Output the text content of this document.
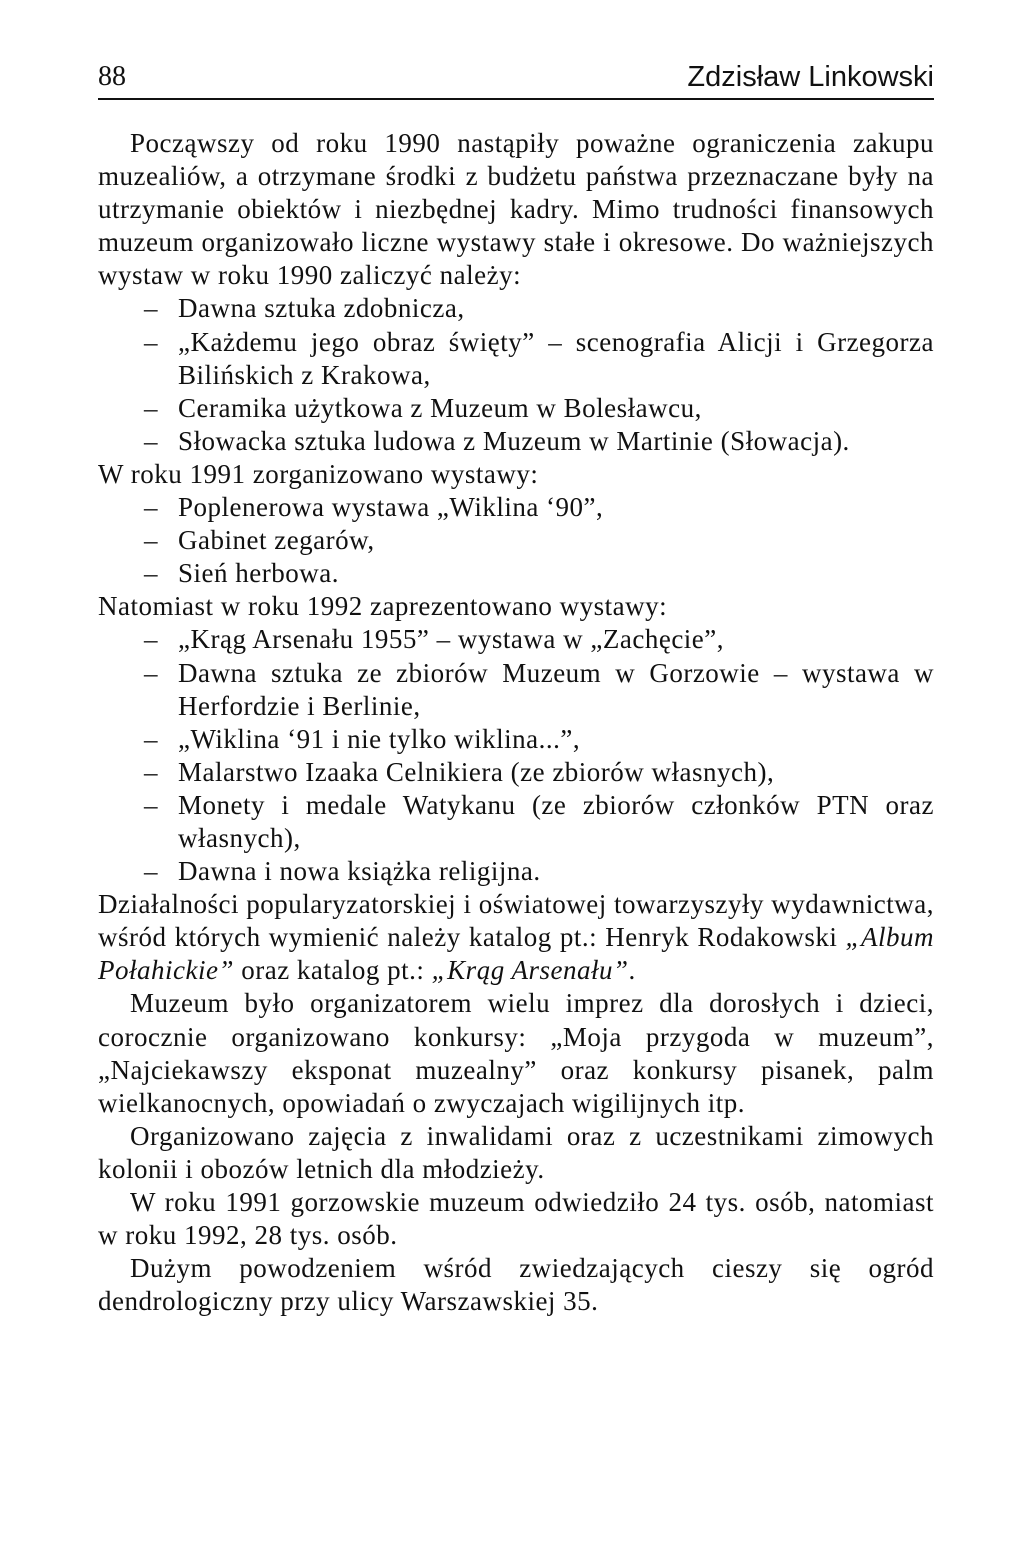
88	Zdzisław Linkowski

Począwszy od roku 1990 nastąpiły poważne ograniczenia zakupu muzealiów, a otrzymane środki z budżetu państwa przeznaczane były na utrzymanie obiektów i niezbędnej kadry. Mimo trudności finansowych muzeum organizowało liczne wystawy stałe i okresowe. Do ważniejszych wystaw w roku 1990 zaliczyć należy:

– Dawna sztuka zdobnicza,
– „Każdemu jego obraz święty” – scenografia Alicji i Grzegorza Bilińskich z Krakowa,
– Ceramika użytkowa z Muzeum w Bolesławcu,
– Słowacka sztuka ludowa z Muzeum w Martinie (Słowacja).

W roku 1991 zorganizowano wystawy:

– Poplenerowa wystawa „Wiklina ‘90”,
– Gabinet zegarów,
– Sień herbowa.

Natomiast w roku 1992 zaprezentowano wystawy:

– „Krąg Arsenału 1955” – wystawa w „Zachęcie”,
– Dawna sztuka ze zbiorów Muzeum w Gorzowie – wystawa w Herfordzie i Berlinie,
– „Wiklina ‘91 i nie tylko wiklina...”,
– Malarstwo Izaaka Celnikiera (ze zbiorów własnych),
– Monety i medale Watykanu (ze zbiorów członków PTN oraz własnych),
– Dawna i nowa książka religijna.

Działalności popularyzatorskiej i oświatowej towarzyszyły wydawnictwa, wśród których wymienić należy katalog pt.: Henryk Rodakowski „Album Połahickie” oraz katalog pt.: „Krąg Arsenału”.

Muzeum było organizatorem wielu imprez dla dorosłych i dzieci, corocznie organizowano konkursy: „Moja przygoda w muzeum”, „Najciekawszy eksponat muzealny” oraz konkursy pisanek, palm wielkanocnych, opowiadań o zwyczajach wigilijnych itp.

Organizowano zajęcia z inwalidami oraz z uczestnikami zimowych kolonii i obozów letnich dla młodzieży.

W roku 1991 gorzowskie muzeum odwiedziło 24 tys. osób, natomiast w roku 1992, 28 tys. osób.

Dużym powodzeniem wśród zwiedzających cieszy się ogród dendrologiczny przy ulicy Warszawskiej 35.
